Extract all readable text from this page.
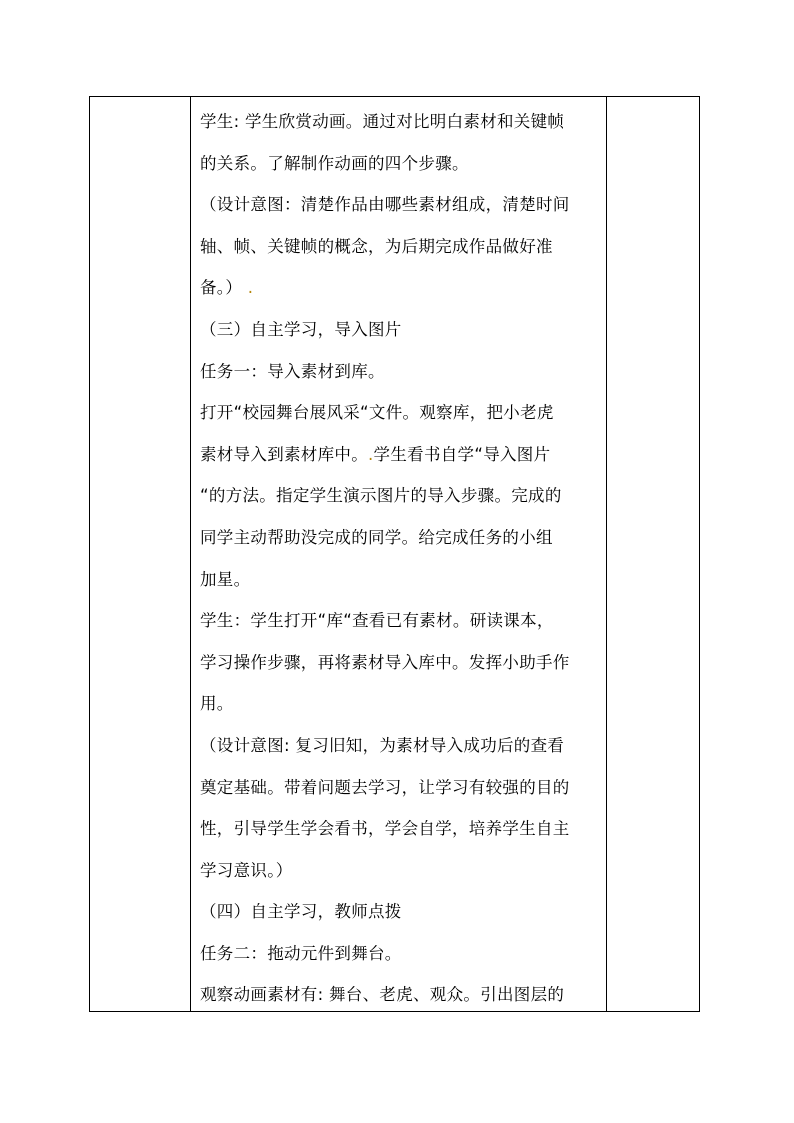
学生: 学生欣赏动画。通过对比明白素材和关键帧
的关系。了解制作动画的四个步骤。
（设计意图：清楚作品由哪些素材组成，清楚时间
轴、帧、关键帧的概念，为后期完成作品做好准
备。） .
（三）自主学习，导入图片
任务一：导入素材到库。
打开“校园舞台展风采“文件。观察库，把小老虎
素材导入到素材库中。.学生看书自学“导入图片
“的方法。指定学生演示图片的导入步骤。完成的
同学主动帮助没完成的同学。给完成任务的小组
加星。
学生：学生打开“库“查看已有素材。研读课本，
学习操作步骤，再将素材导入库中。发挥小助手作
用。
（设计意图: 复习旧知，为素材导入成功后的查看
奠定基础。带着问题去学习，让学习有较强的目的
性，引导学生学会看书，学会自学，培养学生自主
学习意识。）
（四）自主学习，教师点拨
任务二：拖动元件到舞台。
观察动画素材有: 舞台、老虎、观众。引出图层的
